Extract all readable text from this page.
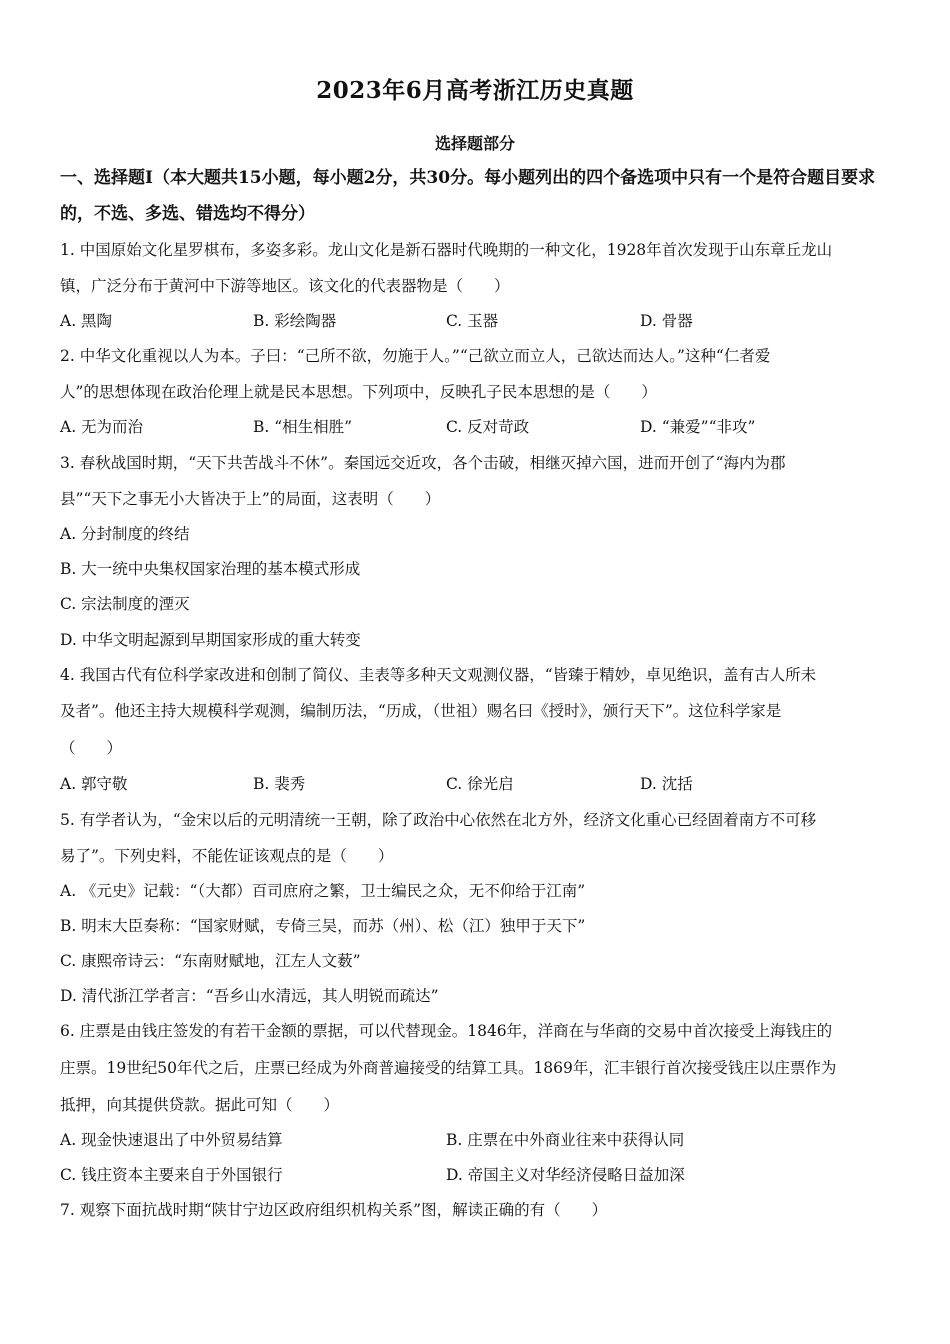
2023年6月高考浙江历史真题
选择题部分
一、选择题Ⅰ（本大题共15小题，每小题2分，共30分。每小题列出的四个备选项中只有一个是符合题目要求的，不选、多选、错选均不得分）
1. 中国原始文化星罗棋布，多姿多彩。龙山文化是新石器时代晚期的一种文化，1928年首次发现于山东章丘龙山
镇，广泛分布于黄河中下游等地区。该文化的代表器物是（　　）
A. 黑陶	B. 彩绘陶器	C. 玉器	D. 骨器
2. 中华文化重视以人为本。子曰：“己所不欲，勿施于人。”“己欲立而立人，己欲达而达人。”这种“仁者爱
人”的思想体现在政治伦理上就是民本思想。下列项中，反映孔子民本思想的是（　　）
A. 无为而治	B. “相生相胜”	C. 反对苛政	D. “兼爱”“非攻”
3. 春秋战国时期，“天下共苦战斗不休”。秦国远交近攻，各个击破，相继灭掉六国，进而开创了“海内为郡
县”“天下之事无小大皆决于上”的局面，这表明（　　）
A. 分封制度的终结
B. 大一统中央集权国家治理的基本模式形成
C. 宗法制度的湮灭
D. 中华文明起源到早期国家形成的重大转变
4. 我国古代有位科学家改进和创制了简仪、圭表等多种天文观测仪器，“皆臻于精妙，卓见绝识，盖有古人所未
及者”。他还主持大规模科学观测，编制历法，“历成，（世祖）赐名曰《授时》，颁行天下”。这位科学家是
（　　）
A. 郭守敬	B. 裴秀	C. 徐光启	D. 沈括
5. 有学者认为，“金宋以后的元明清统一王朝，除了政治中心依然在北方外，经济文化重心已经固着南方不可移
易了”。下列史料，不能佐证该观点的是（　　）
A. 《元史》记载：“（大都）百司庶府之繁，卫士编民之众，无不仰给于江南”
B. 明末大臣奏称：“国家财赋，专倚三吴，而苏（州）、松（江）独甲于天下”
C. 康熙帝诗云：“东南财赋地，江左人文薮”
D. 清代浙江学者言：“吾乡山水清远，其人明锐而疏达”
6. 庄票是由钱庄签发的有若干金额的票据，可以代替现金。1846年，洋商在与华商的交易中首次接受上海钱庄的
庄票。19世纪50年代之后，庄票已经成为外商普遍接受的结算工具。1869年，汇丰银行首次接受钱庄以庄票作为
抵押，向其提供贷款。据此可知（　　）
A. 现金快速退出了中外贸易结算	B. 庄票在中外商业往来中获得认同
C. 钱庄资本主要来自于外国银行	D. 帝国主义对华经济侵略日益加深
7. 观察下面抗战时期“陕甘宁边区政府组织机构关系”图，解读正确的有（　　）
